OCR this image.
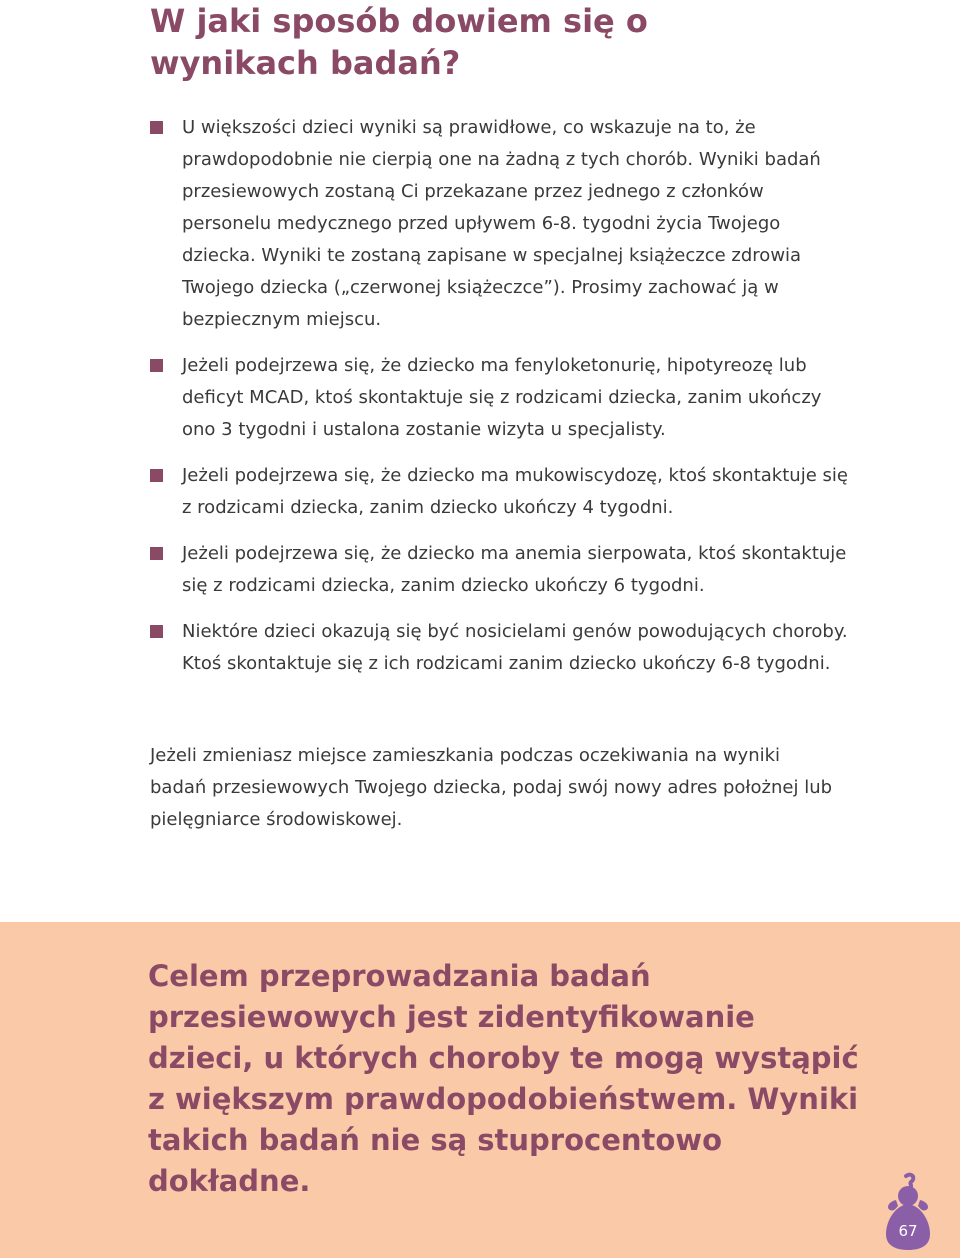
W jaki sposób dowiem się o wynikach badań?
U większości dzieci wyniki są prawidłowe, co wskazuje na to, że prawdopodobnie nie cierpią one na żadną z tych chorób. Wyniki badań przesiewowych zostaną Ci przekazane przez jednego z członków personelu medycznego przed upływem 6-8. tygodni życia Twojego dziecka. Wyniki te zostaną zapisane w specjalnej książeczce zdrowia Twojego dziecka („czerwonej książeczce”). Prosimy zachować ją w bezpiecznym miejscu.
Jeżeli podejrzewa się, że dziecko ma fenyloketonurię, hipotyreozę lub deficyt MCAD, ktoś skontaktuje się z rodzicami dziecka, zanim ukończy ono 3 tygodni i ustalona zostanie wizyta u specjalisty.
Jeżeli podejrzewa się, że dziecko ma mukowiscydozę, ktoś skontaktuje się z rodzicami dziecka, zanim dziecko ukończy 4 tygodni.
Jeżeli podejrzewa się, że dziecko ma anemia sierpowata, ktoś skontaktuje się z rodzicami dziecka, zanim dziecko ukończy 6 tygodni.
Niektóre dzieci okazują się być nosicielami genów powodujących choroby. Ktoś skontaktuje się z ich rodzicami zanim dziecko ukończy 6-8 tygodni.

Jeżeli zmieniasz miejsce zamieszkania podczas oczekiwania na wyniki badań przesiewowych Twojego dziecka, podaj swój nowy adres położnej lub pielęgniarce środowiskowej.

Celem przeprowadzania badań przesiewowych jest zidentyfikowanie dzieci, u których choroby te mogą wystąpić z większym prawdopodobieństwem. Wyniki takich badań nie są stuprocentowo dokładne.

67
